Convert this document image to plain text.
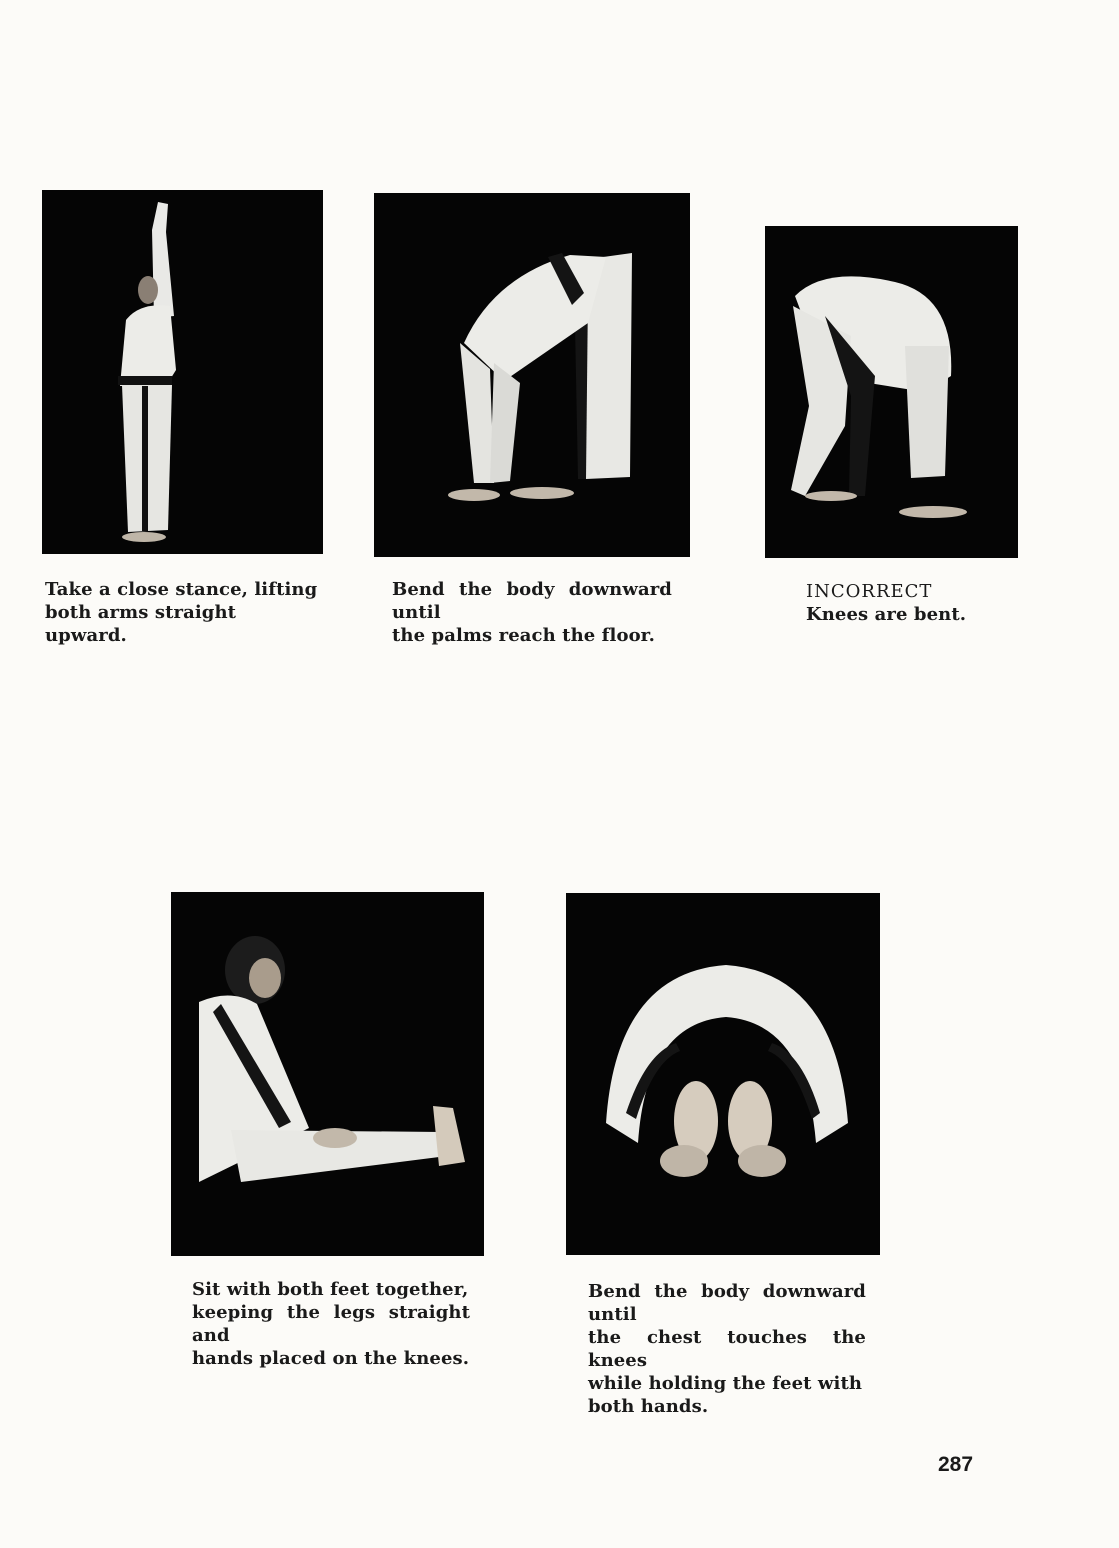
Take a close stance, lifting
both arms straight upward.
Bend the body downward until
the palms reach the floor.
INCORRECT
Knees are bent.
Sit with both feet together,
keeping the legs straight and
hands placed on the knees.
Bend the body downward until
the chest touches the knees
while holding the feet with
both hands.
287
